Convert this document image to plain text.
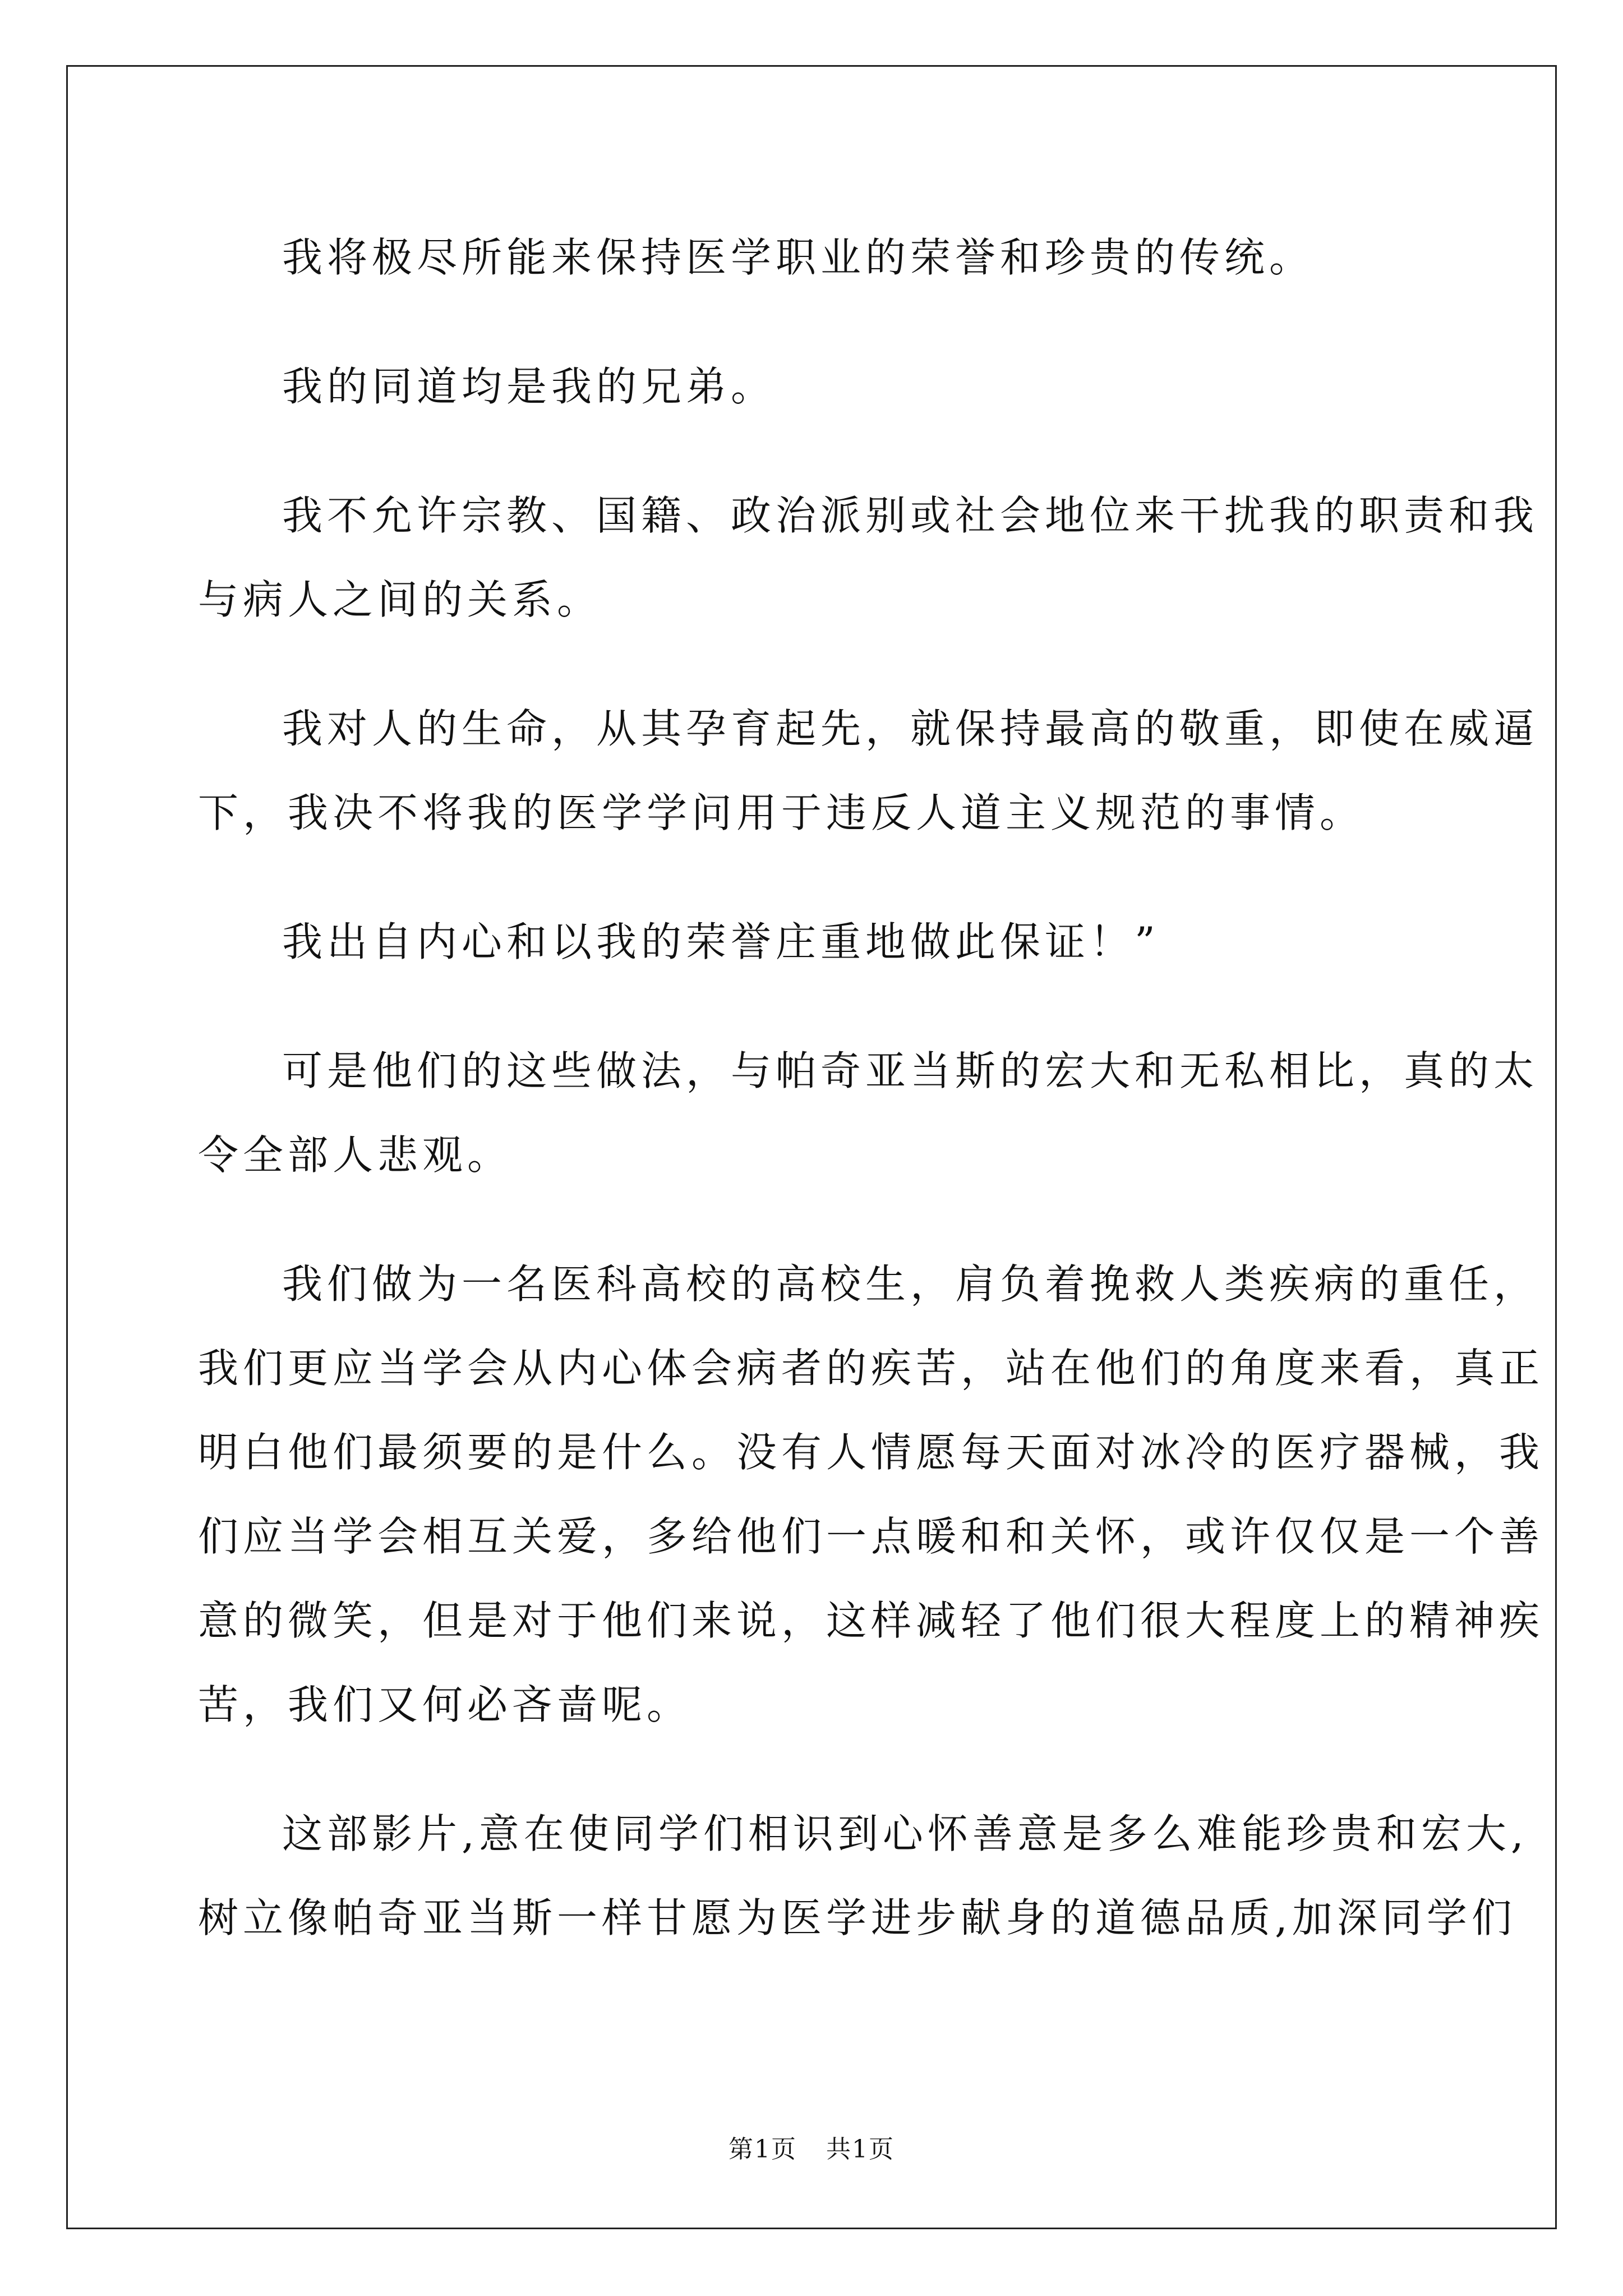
我将极尽所能来保持医学职业的荣誉和珍贵的传统。
我的同道均是我的兄弟。
我不允许宗教、国籍、政治派别或社会地位来干扰我的职责和我
与病人之间的关系。
我对人的生命，从其孕育起先，就保持最高的敬重，即使在威逼
下，我决不将我的医学学问用于违反人道主义规范的事情。
我出自内心和以我的荣誉庄重地做此保证！”
可是他们的这些做法，与帕奇亚当斯的宏大和无私相比，真的太
令全部人悲观。
我们做为一名医科高校的高校生，肩负着挽救人类疾病的重任，
我们更应当学会从内心体会病者的疾苦，站在他们的角度来看，真正
明白他们最须要的是什么。没有人情愿每天面对冰冷的医疗器械，我
们应当学会相互关爱，多给他们一点暖和和关怀，或许仅仅是一个善
意的微笑，但是对于他们来说，这样减轻了他们很大程度上的精神疾
苦，我们又何必吝啬呢。
这部影片,意在使同学们相识到心怀善意是多么难能珍贵和宏大,
树立像帕奇亚当斯一样甘愿为医学进步献身的道德品质,加深同学们
第1页 共1页
